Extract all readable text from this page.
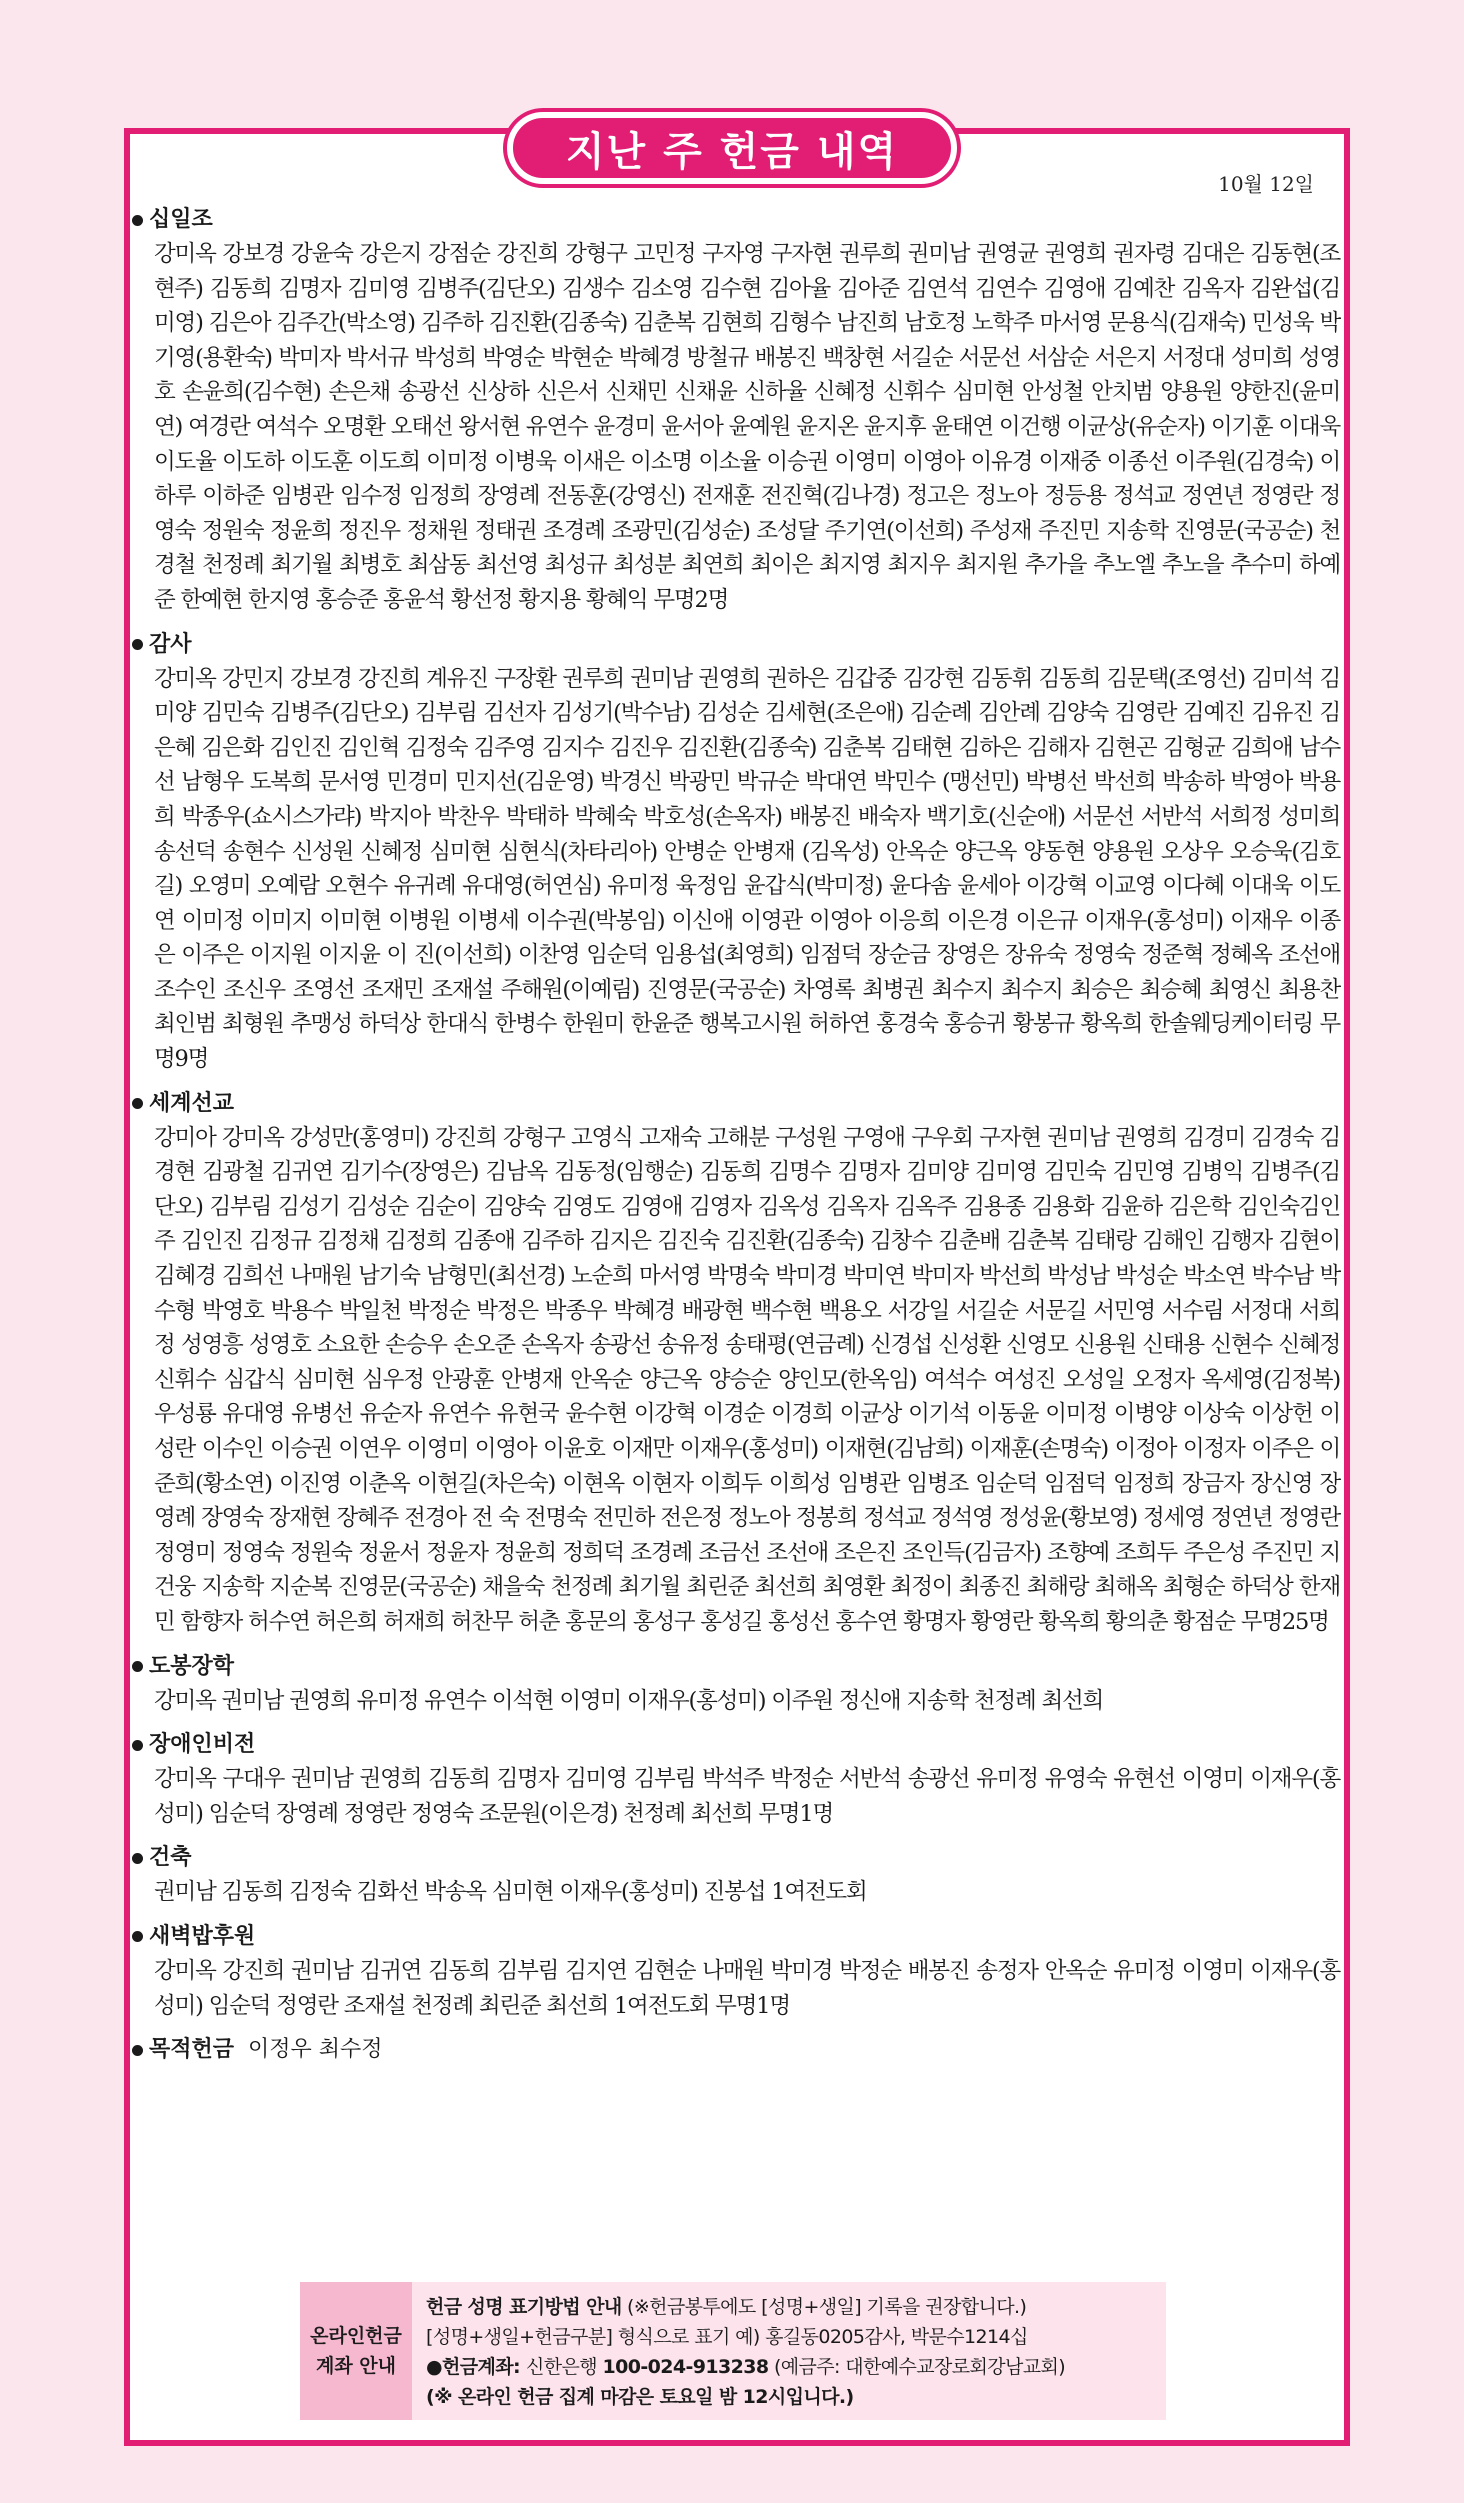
지난 주 헌금 내역
10월 12일
십일조
강미옥 강보경 강윤숙 강은지 강점순 강진희 강형구 고민정 구자영 구자현 권루희 권미남 권영균 권영희 권자령 김대은 김동현(조현주) 김동희 김명자 김미영 김병주(김단오) 김생수 김소영 김수현 김아율 김아준 김연석 김연수 김영애 김예찬 김옥자 김완섭(김미영) 김은아 김주간(박소영) 김주하 김진환(김종숙) 김춘복 김현희 김형수 남진희 남호정 노학주 마서영 문용식(김재숙) 민성욱 박기영(용환숙) 박미자 박서규 박성희 박영순 박현순 박혜경 방철규 배봉진 백창현 서길순 서문선 서삼순 서은지 서정대 성미희 성영호 손윤희(김수현) 손은채 송광선 신상하 신은서 신채민 신채윤 신하율 신혜정 신휘수 심미현 안성철 안치범 양용원 양한진(윤미연) 여경란 여석수 오명환 오태선 왕서현 유연수 윤경미 윤서아 윤예원 윤지온 윤지후 윤태연 이건행 이균상(유순자) 이기훈 이대욱 이도율 이도하 이도훈 이도희 이미정 이병욱 이새은 이소명 이소율 이승권 이영미 이영아 이유경 이재중 이종선 이주원(김경숙) 이하루 이하준 임병관 임수정 임정희 장영례 전동훈(강영신) 전재훈 전진혁(김나경) 정고은 정노아 정등용 정석교 정연년 정영란 정영숙 정원숙 정윤희 정진우 정채원 정태권 조경례 조광민(김성순) 조성달 주기연(이선희) 주성재 주진민 지송학 진영문(국공순) 천경철 천정례 최기월 최병호 최삼동 최선영 최성규 최성분 최연희 최이은 최지영 최지우 최지원 추가을 추노엘 추노을 추수미 하예준 한예현 한지영 홍승준 홍윤석 황선정 황지용 황혜익 무명2명
감사
강미옥 강민지 강보경 강진희 계유진 구장환 권루희 권미남 권영희 권하은 김갑중 김강현 김동휘 김동희 김문택(조영선) 김미석 김미양 김민숙 김병주(김단오) 김부림 김선자 김성기(박수남) 김성순 김세현(조은애) 김순례 김안례 김양숙 김영란 김예진 김유진 김은혜 김은화 김인진 김인혁 김정숙 김주영 김지수 김진우 김진환(김종숙) 김춘복 김태현 김하은 김해자 김현곤 김형균 김희애 남수선 남형우 도복희 문서영 민경미 민지선(김운영) 박경신 박광민 박규순 박대연 박민수 (맹선민) 박병선 박선희 박송하 박영아 박용희 박종우(쇼시스가랴) 박지아 박찬우 박태하 박혜숙 박호성(손옥자) 배봉진 배숙자 백기호(신순애) 서문선 서반석 서희정 성미희 송선덕 송현수 신성원 신혜정 심미현 심현식(차타리아) 안병순 안병재 (김옥성) 안옥순 양근옥 양동현 양용원 오상우 오승욱(김호길) 오영미 오예람 오현수 유귀례 유대영(허연심) 유미정 육정임 윤갑식(박미정) 윤다솜 윤세아 이강혁 이교영 이다혜 이대욱 이도연 이미정 이미지 이미현 이병원 이병세 이수권(박봉임) 이신애 이영관 이영아 이응희 이은경 이은규 이재우(홍성미) 이재우 이종은 이주은 이지원 이지윤 이 진(이선희) 이찬영 임순덕 임용섭(최영희) 임점덕 장순금 장영은 장유숙 정영숙 정준혁 정혜옥 조선애 조수인 조신우 조영선 조재민 조재설 주해원(이예림) 진영문(국공순) 차영록 최병권 최수지 최수지 최승은 최승혜 최영신 최용찬 최인범 최형원 추맹성 하덕상 한대식 한병수 한원미 한윤준 행복고시원 허하연 홍경숙 홍승귀 황봉규 황옥희 한솔웨딩케이터링 무명9명
세계선교
강미아 강미옥 강성만(홍영미) 강진희 강형구 고영식 고재숙 고해분 구성원 구영애 구우회 구자현 권미남 권영희 김경미 김경숙 김경현 김광철 김귀연 김기수(장영은) 김남옥 김동정(임행순) 김동희 김명수 김명자 김미양 김미영 김민숙 김민영 김병익 김병주(김단오) 김부림 김성기 김성순 김순이 김양숙 김영도 김영애 김영자 김옥성 김옥자 김옥주 김용종 김용화 김윤하 김은학 김인숙김인주 김인진 김정규 김정채 김정희 김종애 김주하 김지은 김진숙 김진환(김종숙) 김창수 김춘배 김춘복 김태랑 김해인 김행자 김현이 김혜경 김희선 나매원 남기숙 남형민(최선경) 노순희 마서영 박명숙 박미경 박미연 박미자 박선희 박성남 박성순 박소연 박수남 박수형 박영호 박용수 박일천 박정순 박정은 박종우 박혜경 배광현 백수현 백용오 서강일 서길순 서문길 서민영 서수림 서정대 서희정 성영흥 성영호 소요한 손승우 손오준 손옥자 송광선 송유정 송태평(연금례) 신경섭 신성환 신영모 신용원 신태용 신현수 신혜정 신휘수 심갑식 심미현 심우정 안광훈 안병재 안옥순 양근옥 양승순 양인모(한옥임) 여석수 여성진 오성일 오정자 옥세영(김정복) 우성룡 유대영 유병선 유순자 유연수 유현국 윤수현 이강혁 이경순 이경희 이균상 이기석 이동윤 이미정 이병양 이상숙 이상헌 이성란 이수인 이승권 이연우 이영미 이영아 이윤호 이재만 이재우(홍성미) 이재현(김남희) 이재훈(손명숙) 이정아 이정자 이주은 이준희(황소연) 이진영 이춘옥 이현길(차은숙) 이현옥 이현자 이희두 이희성 임병관 임병조 임순덕 임점덕 임정희 장금자 장신영 장영례 장영숙 장재현 장혜주 전경아 전 숙 전명숙 전민하 전은정 정노아 정봉희 정석교 정석영 정성윤(황보영) 정세영 정연년 정영란 정영미 정영숙 정원숙 정윤서 정윤자 정윤희 정희덕 조경례 조금선 조선애 조은진 조인득(김금자) 조향예 조희두 주은성 주진민 지건웅 지송학 지순복 진영문(국공순) 채을숙 천정례 최기월 최린준 최선희 최영환 최정이 최종진 최해랑 최해옥 최형순 하덕상 한재민 함향자 허수연 허은희 허재희 허찬무 허춘 홍문의 홍성구 홍성길 홍성선 홍수연 황명자 황영란 황옥희 황의춘 황점순 무명25명
도봉장학
강미옥 권미남 권영희 유미정 유연수 이석현 이영미 이재우(홍성미) 이주원 정신애 지송학 천정례 최선희
장애인비전
강미옥 구대우 권미남 권영희 김동희 김명자 김미영 김부림 박석주 박정순 서반석 송광선 유미정 유영숙 유현선 이영미 이재우(홍성미) 임순덕 장영례 정영란 정영숙 조문원(이은경) 천정례 최선희 무명1명
건축
권미남 김동희 김정숙 김화선 박송옥 심미현 이재우(홍성미) 진봉섭 1여전도회
새벽밥후원
강미옥 강진희 권미남 김귀연 김동희 김부림 김지연 김현순 나매원 박미경 박정순 배봉진 송정자 안옥순 유미정 이영미 이재우(홍성미) 임순덕 정영란 조재설 천정례 최린준 최선희 1여전도회 무명1명
목적헌금 이정우 최수정
온라인헌금
계좌 안내
헌금 성명 표기방법 안내 (※헌금봉투에도 [성명+생일] 기록을 권장합니다.)
[성명+생일+헌금구분] 형식으로 표기 예) 홍길동0205감사, 박문수1214십
●헌금계좌: 신한은행 100-024-913238 (예금주: 대한예수교장로회강남교회)
(※ 온라인 헌금 집계 마감은 토요일 밤 12시입니다.)
